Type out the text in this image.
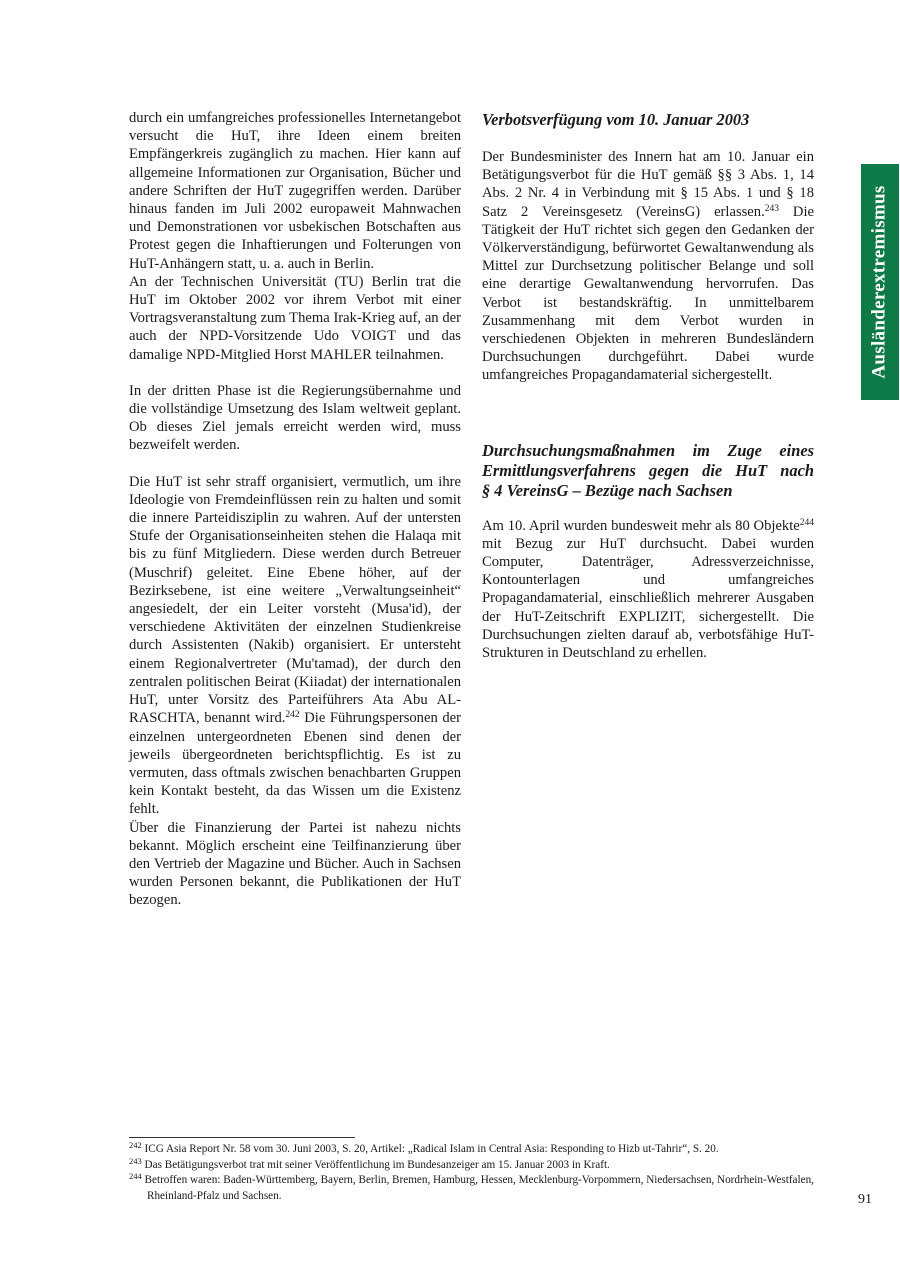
Ausländerextremismus

durch ein umfangreiches professionelles Internetangebot versucht die HuT, ihre Ideen einem breiten Empfängerkreis zugänglich zu machen. Hier kann auf allgemeine Informationen zur Organisation, Bücher und andere Schriften der HuT zugegriffen werden. Darüber hinaus fanden im Juli 2002 europaweit Mahnwachen und Demonstrationen vor usbekischen Botschaften aus Protest gegen die Inhaftierungen und Folterungen von HuT-Anhängern statt, u. a. auch in Berlin.

An der Technischen Universität (TU) Berlin trat die HuT im Oktober 2002 vor ihrem Verbot mit einer Vortragsveranstaltung zum Thema Irak-Krieg auf, an der auch der NPD-Vorsitzende Udo VOIGT und das damalige NPD-Mitglied Horst MAHLER teilnahmen.

In der dritten Phase ist die Regierungsübernahme und die vollständige Umsetzung des Islam weltweit geplant. Ob dieses Ziel jemals erreicht werden wird, muss bezweifelt werden.

Die HuT ist sehr straff organisiert, vermutlich, um ihre Ideologie von Fremdeinflüssen rein zu halten und somit die innere Parteidisziplin zu wahren. Auf der untersten Stufe der Organisationseinheiten stehen die Halaqa mit bis zu fünf Mitgliedern. Diese werden durch Betreuer (Muschrif) geleitet. Eine Ebene höher, auf der Bezirksebene, ist eine weitere „Verwaltungseinheit“ angesiedelt, der ein Leiter vorsteht (Musa'id), der verschiedene Aktivitäten der einzelnen Studienkreise durch Assistenten (Nakib) organisiert. Er untersteht einem Regionalvertreter (Mu'tamad), der durch den zentralen politischen Beirat (Kiiadat) der internationalen HuT, unter Vorsitz des Parteiführers Ata Abu AL-RASCHTA, benannt wird.$^{242}$ Die Führungspersonen der einzelnen untergeordneten Ebenen sind denen der jeweils übergeordneten berichtspflichtig. Es ist zu vermuten, dass oftmals zwischen benachbarten Gruppen kein Kontakt besteht, da das Wissen um die Existenz fehlt.

Über die Finanzierung der Partei ist nahezu nichts bekannt. Möglich erscheint eine Teilfinanzierung über den Vertrieb der Magazine und Bücher. Auch in Sachsen wurden Personen bekannt, die Publikationen der HuT bezogen.

Verbotsverfügung vom 10. Januar 2003

Der Bundesminister des Innern hat am 10. Januar ein Betätigungsverbot für die HuT gemäß §§ 3 Abs. 1, 14 Abs. 2 Nr. 4 in Verbindung mit § 15 Abs. 1 und § 18 Satz 2 Vereinsgesetz (VereinsG) erlassen.$^{243}$ Die Tätigkeit der HuT richtet sich gegen den Gedanken der Völkerverständigung, befürwortet Gewaltanwendung als Mittel zur Durchsetzung politischer Belange und soll eine derartige Gewaltanwendung hervorrufen. Das Verbot ist bestandskräftig. In unmittelbarem Zusammenhang mit dem Verbot wurden in verschiedenen Objekten in mehreren Bundesländern Durchsuchungen durchgeführt. Dabei wurde umfangreiches Propagandamaterial sichergestellt.

Durchsuchungsmaßnahmen im Zuge eines Ermittlungsverfahrens gegen die HuT nach
§ 4 VereinsG – Bezüge nach Sachsen

Am 10. April wurden bundesweit mehr als 80 Objekte$^{244}$ mit Bezug zur HuT durchsucht. Dabei wurden Computer, Datenträger, Adressverzeichnisse, Kontounterlagen und umfangreiches Propagandamaterial, einschließlich mehrerer Ausgaben der HuT-Zeitschrift EXPLIZIT, sichergestellt. Die Durchsuchungen zielten darauf ab, verbotsfähige HuT-Strukturen in Deutschland zu erhellen.

$^{242}$ ICG Asia Report Nr. 58 vom 30. Juni 2003, S. 20, Artikel: „Radical Islam in Central Asia: Responding to Hizb ut-Tahrir“, S. 20.

$^{243}$ Das Betätigungsverbot trat mit seiner Veröffentlichung im Bundesanzeiger am 15. Januar 2003 in Kraft.

$^{244}$ Betroffen waren: Baden-Württemberg, Bayern, Berlin, Bremen, Hamburg, Hessen, Mecklenburg-Vorpommern, Niedersachsen, Nordrhein-Westfalen, Rheinland-Pfalz und Sachsen.	91
